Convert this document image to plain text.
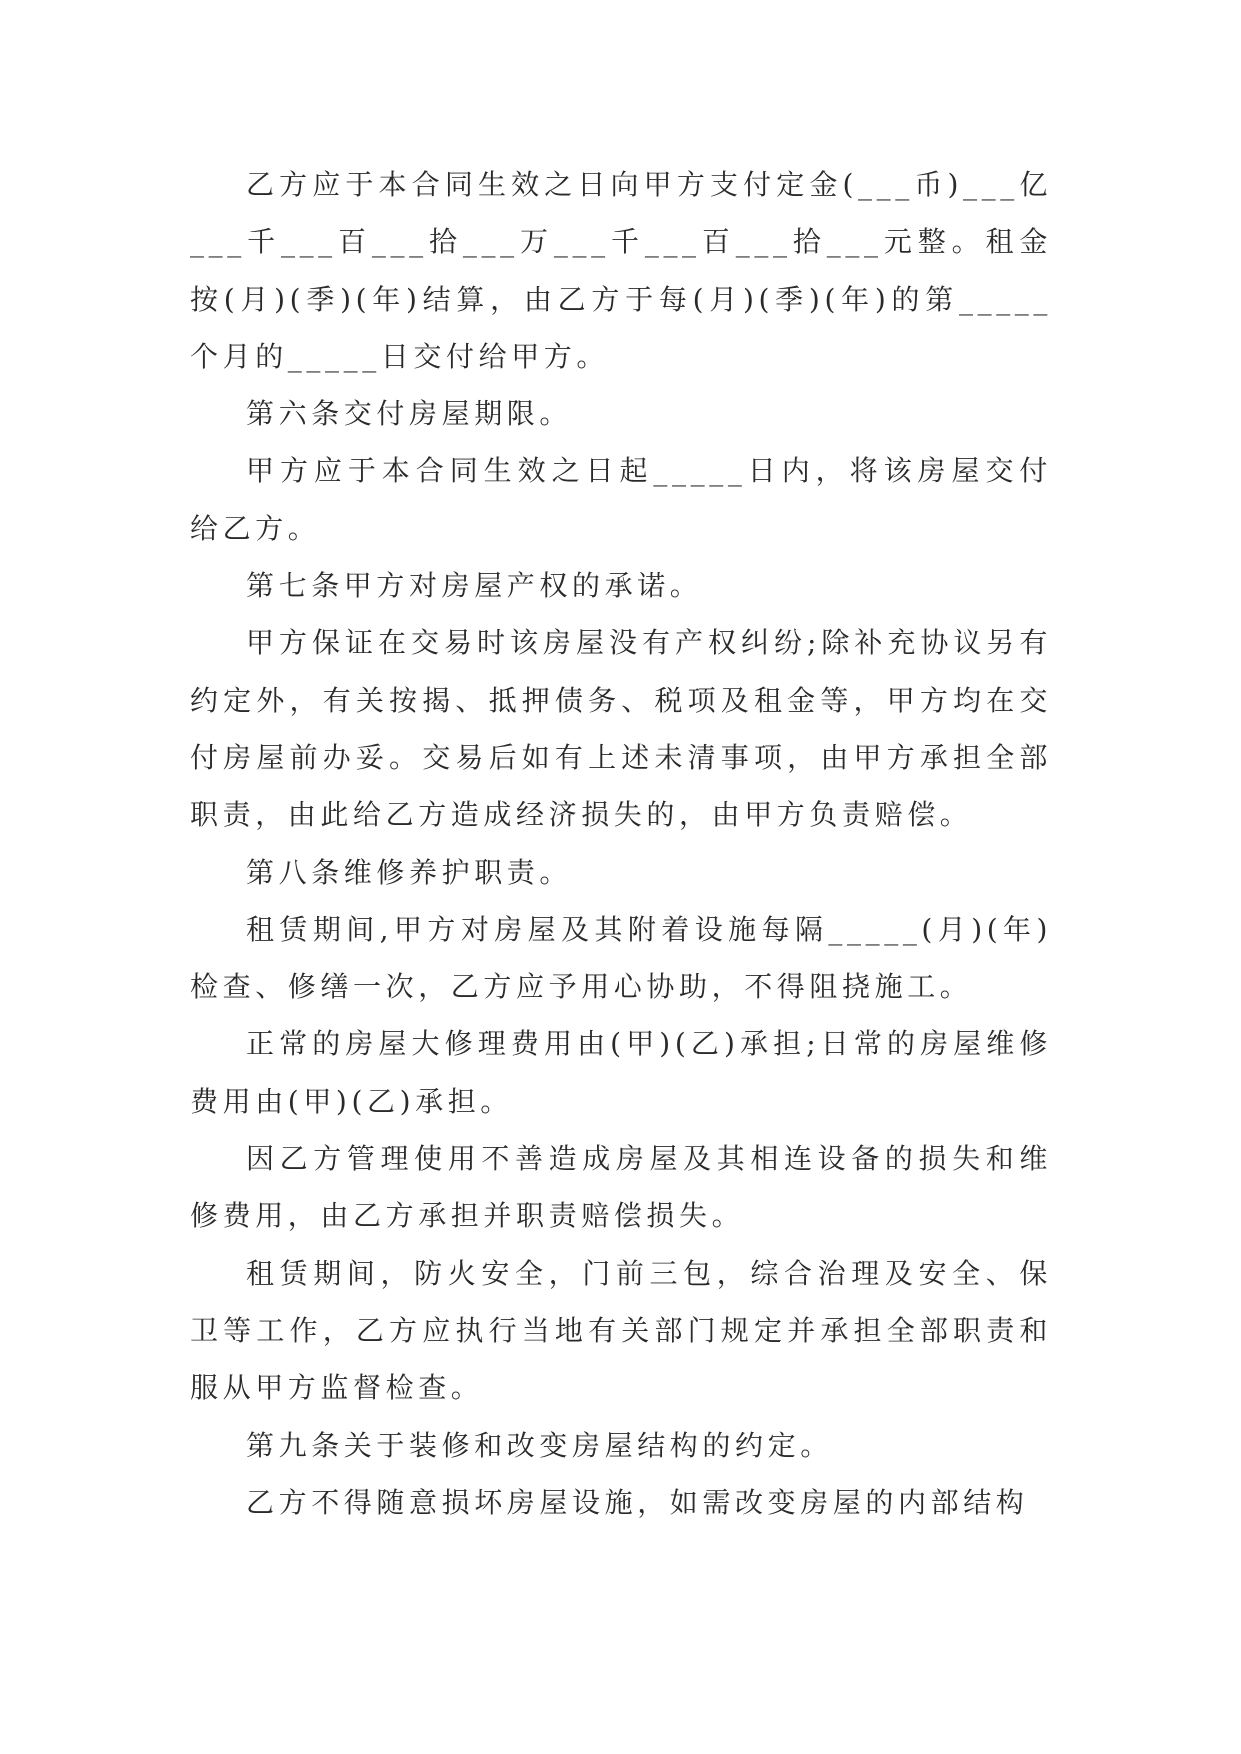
乙方应于本合同生效之日向甲方支付定金(___币)___亿___千___百___拾___万___千___百___拾___元整。租金按(月)(季)(年)结算，由乙方于每(月)(季)(年)的第_____个月的_____日交付给甲方。

第六条交付房屋期限。

甲方应于本合同生效之日起_____日内，将该房屋交付给乙方。

第七条甲方对房屋产权的承诺。

甲方保证在交易时该房屋没有产权纠纷;除补充协议另有约定外，有关按揭、抵押债务、税项及租金等，甲方均在交付房屋前办妥。交易后如有上述未清事项，由甲方承担全部职责，由此给乙方造成经济损失的，由甲方负责赔偿。

第八条维修养护职责。

租赁期间,甲方对房屋及其附着设施每隔_____(月)(年)检查、修缮一次，乙方应予用心协助，不得阻挠施工。

正常的房屋大修理费用由(甲)(乙)承担;日常的房屋维修费用由(甲)(乙)承担。

因乙方管理使用不善造成房屋及其相连设备的损失和维修费用，由乙方承担并职责赔偿损失。

租赁期间，防火安全，门前三包，综合治理及安全、保卫等工作，乙方应执行当地有关部门规定并承担全部职责和服从甲方监督检查。

第九条关于装修和改变房屋结构的约定。

乙方不得随意损坏房屋设施，如需改变房屋的内部结构
